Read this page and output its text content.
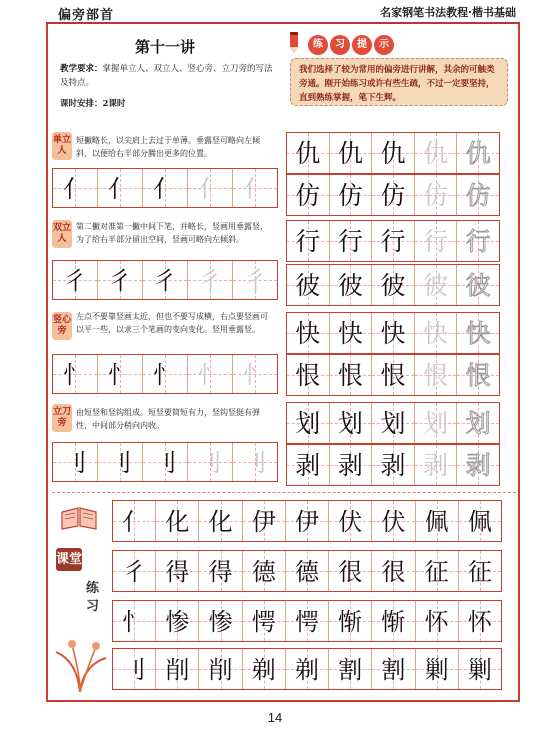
偏旁部首	名家钢笔书法教程·楷书基础
第十一讲
教学要求：掌握单立人、双立人、竖心旁、立刀旁的写法及特点。
课时安排：2课时
练 习 提 示
我们选择了较为常用的偏旁进行讲解，其余的可触类旁通。刚开始练习或许有些生疏，不过一定要坚持，直到熟练掌握，笔下生辉。
单立人
短撇略长，以尖肩上去过于单薄。垂露竖可略向左倾斜，以便给右半部分腾出更多的位置。
亻 亻 亻 亻 亻
双立人
第二撇对准第一撇中间下笔，并略长，竖画用垂露竖，为了给右半部分留出空间，竖画可略向左倾斜。
彳 彳 彳 彳 彳
竖心旁
左点不要靠竖画太近，但也不要写成横，右点要竖画可以平一些，以求三个笔画的变向变化。竖用垂露竖。
忄 忄 忄 忄 忄
立刀旁
由短竖和竖钩组成。短竖要简短有力，竖钩竖挺有弹性，中间部分稍向内收。
刂 刂 刂 刂 刂
仇 仇 仇 仇 仇
仿 仿 仿 仿 仿
行 行 行 行 行
彼 彼 彼 彼 彼
快 快 快 快 快
恨 恨 恨 恨 恨
划 划 划 划 划
剥 剥 剥 剥 剥
课堂
练习
亻 化 化 伊 伊 伏 伏 佩 佩
彳 得 得 德 德 很 很 征 征
忄 惨 惨 愕 愕 惭 惭 怀 怀
刂 削 削 剃 剃 割 割 剿 剿
14
